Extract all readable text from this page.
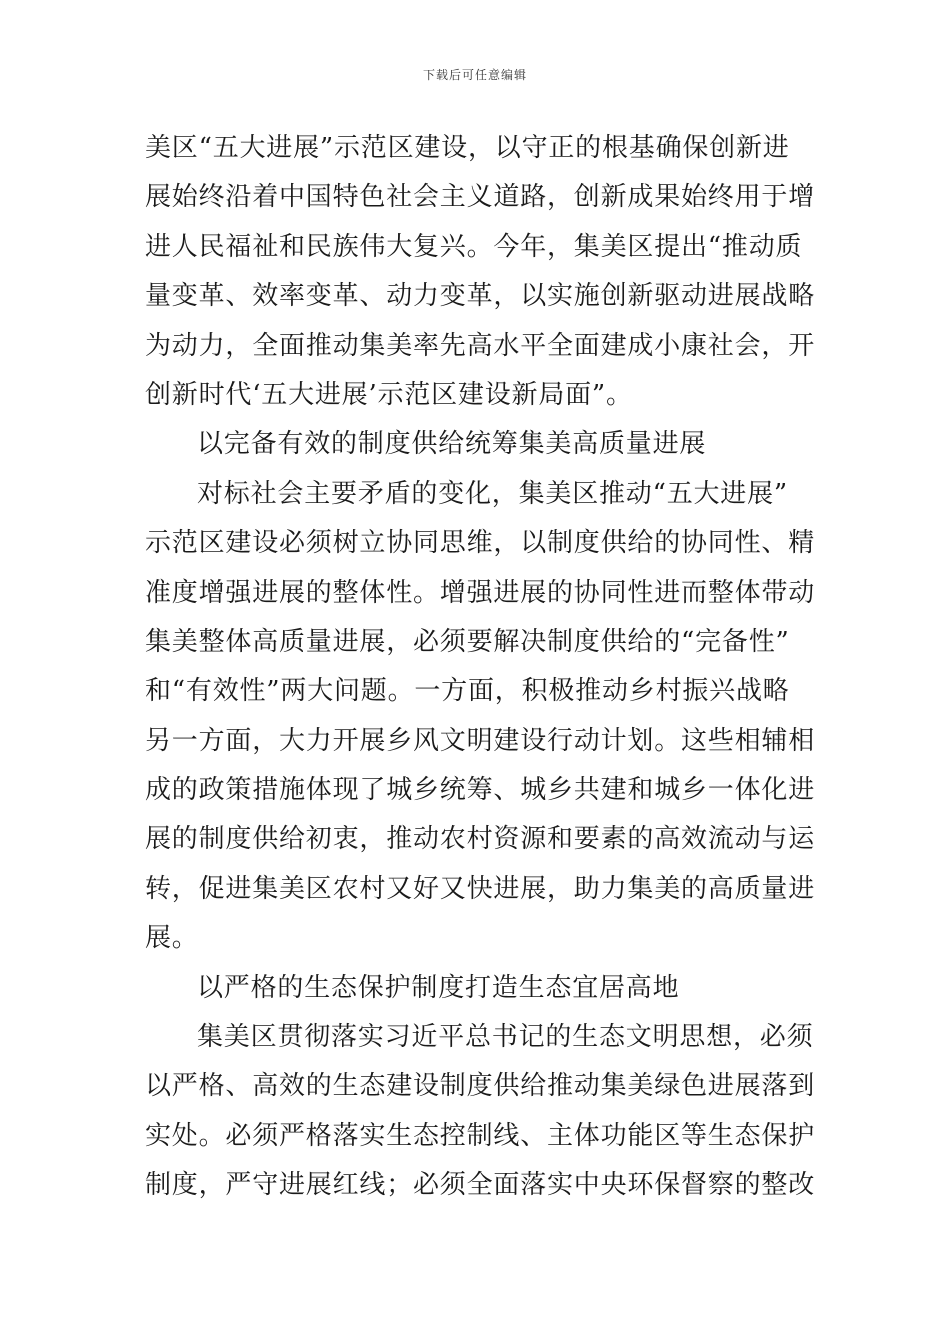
下载后可任意编辑
美区“五大进展”示范区建设，以守正的根基确保创新进
展始终沿着中国特色社会主义道路，创新成果始终用于增
进人民福祉和民族伟大复兴。今年，集美区提出“推动质
量变革、效率变革、动力变革，以实施创新驱动进展战略
为动力，全面推动集美率先高水平全面建成小康社会，开
创新时代‘五大进展’示范区建设新局面”。
以完备有效的制度供给统筹集美高质量进展
对标社会主要矛盾的变化，集美区推动“五大进展”
示范区建设必须树立协同思维，以制度供给的协同性、精
准度增强进展的整体性。增强进展的协同性进而整体带动
集美整体高质量进展，必须要解决制度供给的“完备性”
和“有效性”两大问题。一方面，积极推动乡村振兴战略
另一方面，大力开展乡风文明建设行动计划。这些相辅相
成的政策措施体现了城乡统筹、城乡共建和城乡一体化进
展的制度供给初衷，推动农村资源和要素的高效流动与运
转，促进集美区农村又好又快进展，助力集美的高质量进
展。
以严格的生态保护制度打造生态宜居高地
集美区贯彻落实习近平总书记的生态文明思想，必须
以严格、高效的生态建设制度供给推动集美绿色进展落到
实处。必须严格落实生态控制线、主体功能区等生态保护
制度，严守进展红线；必须全面落实中央环保督察的整改
